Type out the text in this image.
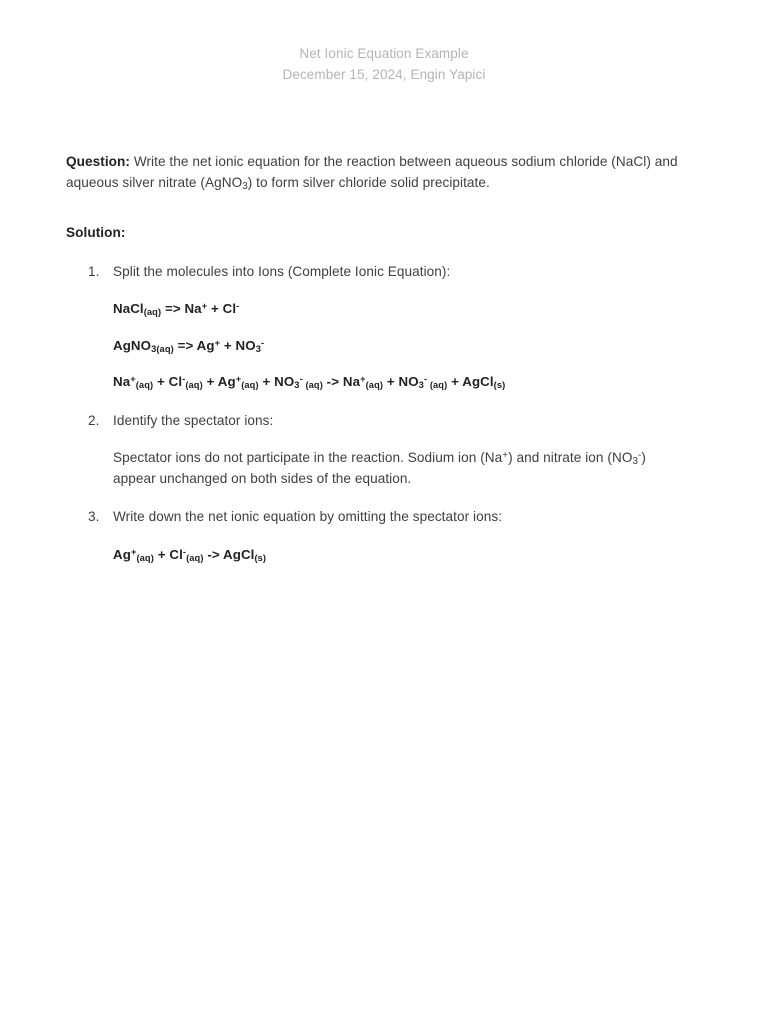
Net Ionic Equation Example
December 15, 2024, Engin Yapici

Question: Write the net ionic equation for the reaction between aqueous sodium chloride (NaCl) and aqueous silver nitrate (AgNO$_3$) to form silver chloride solid precipitate.

Solution:

Split the molecules into Ions (Complete Ionic Equation):
NaCl$_{(aq)}$ => Na+ + Cl-
AgNO$_{3(aq)}$ => $Ag^+ + NO_3^-$
$Na^+_{(aq)} + Cl^-_{(aq)} + Ag^+_{(aq)} + NO_3^-$ $_{(aq)} -> Na^+_{(aq)} + NO_3^-$ $_{(aq)}$ + AgCl$_{(s)}$
Identify the spectator ions:
Spectator ions do not participate in the reaction. Sodium ion (Na+) and nitrate ion $(NO_3^-)$ appear unchanged on both sides of the equation.
Write down the net ionic equation by omitting the spectator ions:
$Ag^+_{(aq)} + Cl^-_{(aq)}$ -> AgCl$_{(s)}$
